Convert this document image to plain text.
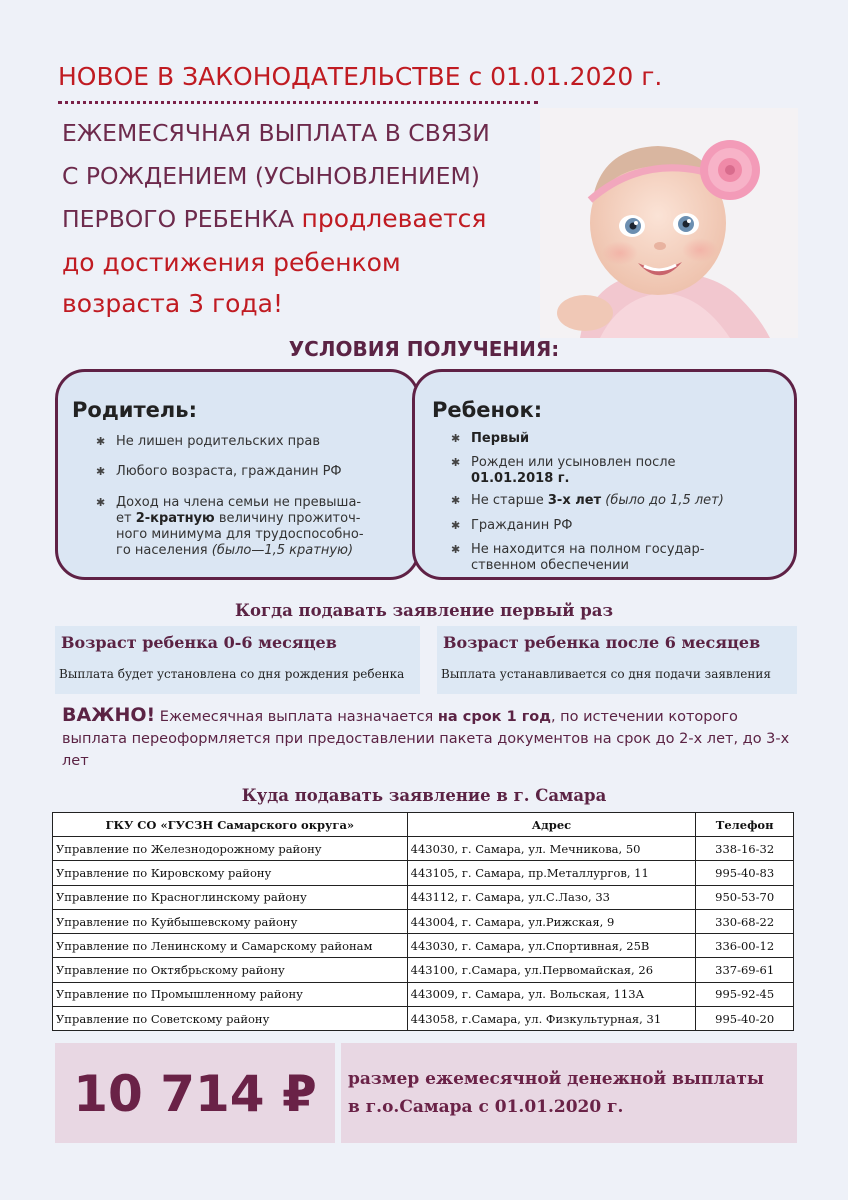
НОВОЕ В ЗАКОНОДАТЕЛЬСТВЕ с 01.01.2020 г.
ЕЖЕМЕСЯЧНАЯ ВЫПЛАТА В СВЯЗИ
С РОЖДЕНИЕМ (УСЫНОВЛЕНИЕМ)
ПЕРВОГО РЕБЕНКА продлевается
до достижения ребенком
возраста 3 года!
УСЛОВИЯ ПОЛУЧЕНИЯ:
Родитель:
✱ Не лишен родительских прав
✱ Любого возраста, гражданин РФ
✱ Доход на члена семьи не превыша-
ет 2-кратную величину прожиточ-
ного минимума для трудоспособно-
го населения (было—1,5 кратную)
Ребенок:
✱ Первый
✱ Рожден или усыновлен после
01.01.2018 г.
✱ Не старше 3-х лет (было до 1,5 лет)
✱ Гражданин РФ
✱ Не находится на полном государ-
ственном обеспечении
Когда подавать заявление первый раз
Возраст ребенка 0-6 месяцев
Выплата будет установлена со дня рождения ребенка
Возраст ребенка после 6 месяцев
Выплата устанавливается со дня подачи заявления
ВАЖНО! Ежемесячная выплата назначается на срок 1 год, по истечении которого выплата переоформляется при предоставлении пакета документов на срок до 2-х лет, до 3-х лет
Куда подавать заявление в г. Самара
ГКУ СО «ГУСЗН Самарского округа»	Адрес	Телефон
Управление по Железнодорожному району	443030, г. Самара, ул. Мечникова, 50	338-16-32
Управление по Кировскому району	443105, г. Самара, пр.Металлургов, 11	995-40-83
Управление по Красноглинскому району	443112, г. Самара, ул.С.Лазо, 33	950-53-70
Управление по Куйбышевскому району	443004, г. Самара, ул.Рижская, 9	330-68-22
Управление по Ленинскому и Самарскому районам	443030, г. Самара, ул.Спортивная, 25В	336-00-12
Управление по Октябрьскому району	443100, г.Самара, ул.Первомайская, 26	337-69-61
Управление по Промышленному району	443009, г. Самара, ул. Вольская, 113А	995-92-45
Управление по Советскому району	443058, г.Самара, ул. Физкультурная, 31	995-40-20
10 714 ₽	размер ежемесячной денежной выплаты
в г.о.Самара с 01.01.2020 г.
